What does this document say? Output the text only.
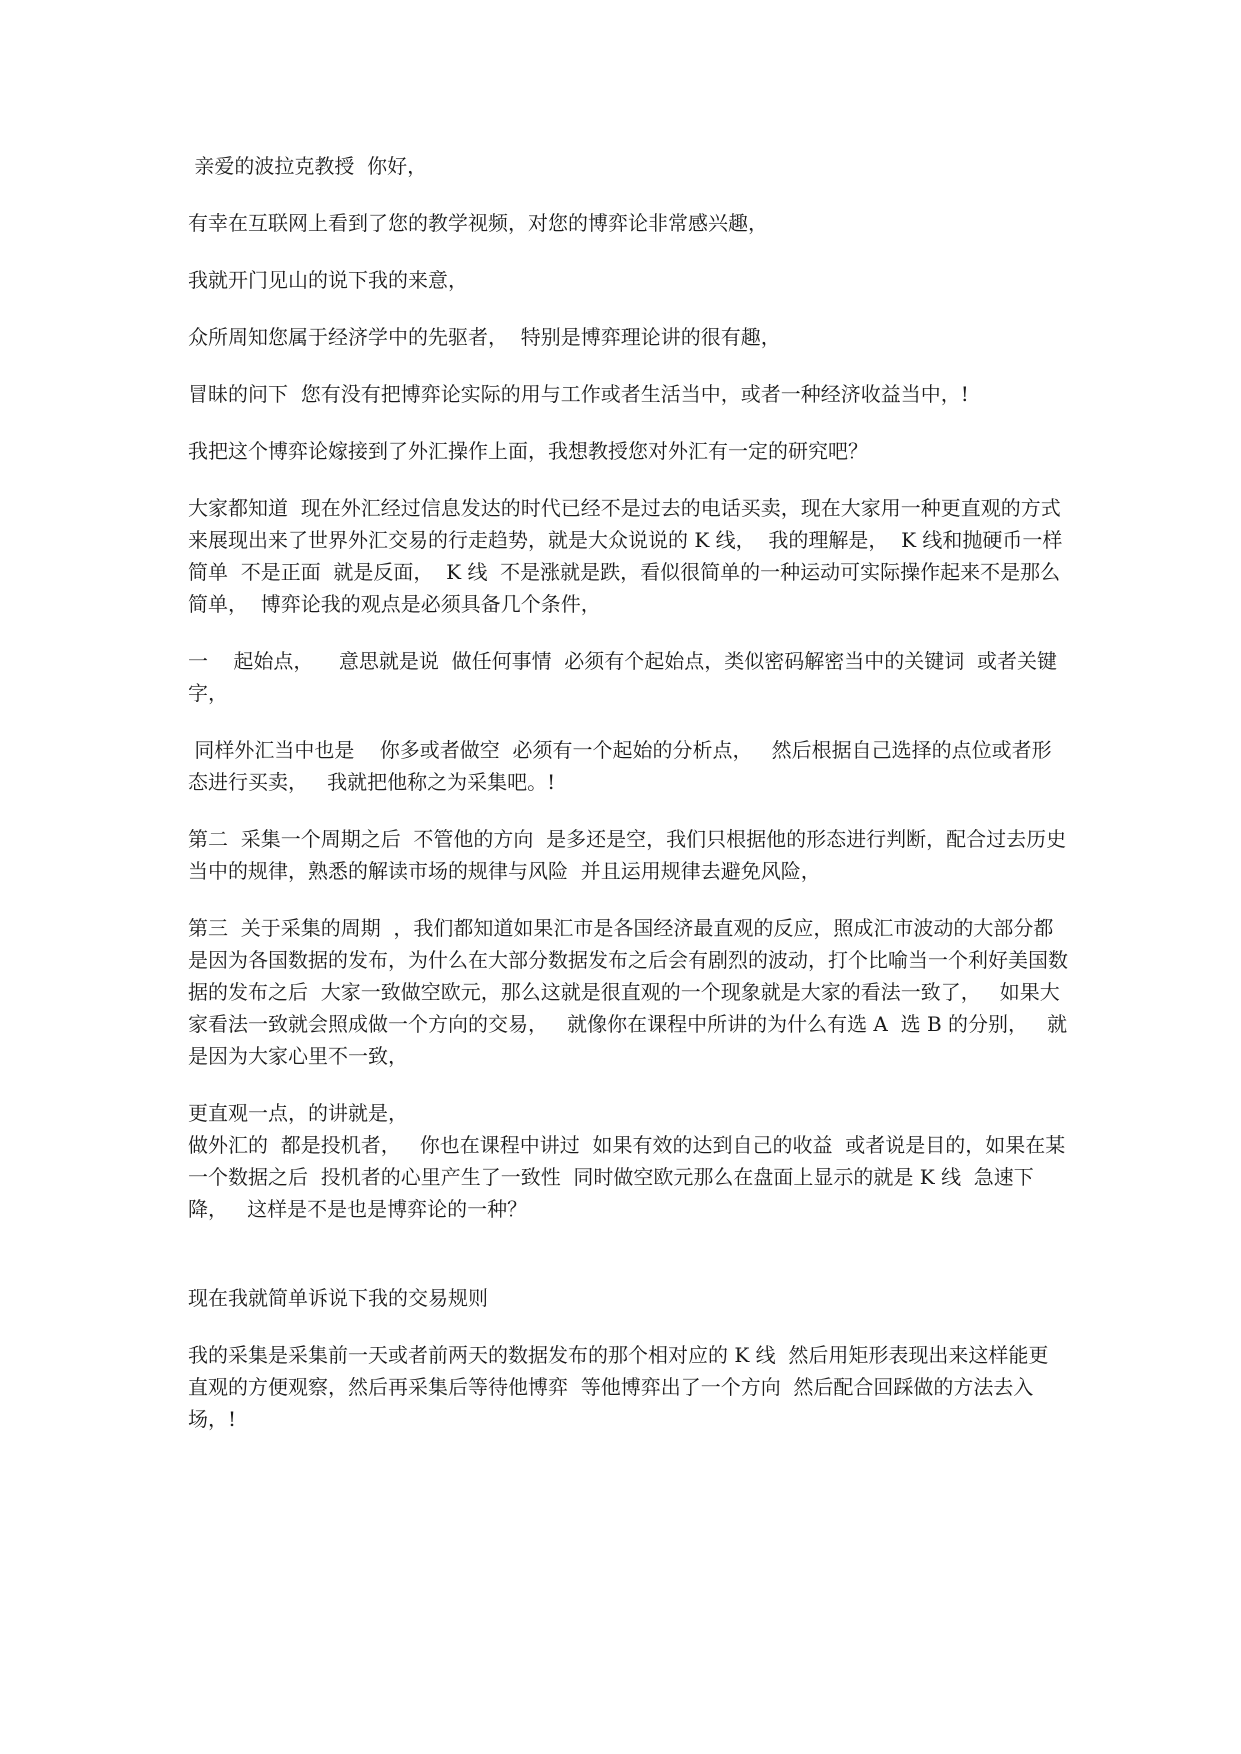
亲爱的波拉克教授  你好，

有幸在互联网上看到了您的教学视频，对您的博弈论非常感兴趣，

我就开门见山的说下我的来意，

众所周知您属于经济学中的先驱者，  特别是博弈理论讲的很有趣，

冒昧的问下  您有没有把博弈论实际的用与工作或者生活当中，或者一种经济收益当中，!

我把这个博弈论嫁接到了外汇操作上面，我想教授您对外汇有一定的研究吧？

大家都知道  现在外汇经过信息发达的时代已经不是过去的电话买卖，现在大家用一种更直观的方式来展现出来了世界外汇交易的行走趋势，就是大众说说的 K 线，  我的理解是，  K 线和抛硬币一样简单  不是正面  就是反面，  K 线  不是涨就是跌，看似很简单的一种运动可实际操作起来不是那么简单，  博弈论我的观点是必须具备几个条件，

一    起始点，    意思就是说  做任何事情  必须有个起始点，类似密码解密当中的关键词  或者关键字，

同样外汇当中也是    你多或者做空  必须有一个起始的分析点，   然后根据自己选择的点位或者形态进行买卖，   我就把他称之为采集吧。!

第二  采集一个周期之后  不管他的方向  是多还是空，我们只根据他的形态进行判断，配合过去历史当中的规律，熟悉的解读市场的规律与风险  并且运用规律去避免风险，

第三  关于采集的周期  ，我们都知道如果汇市是各国经济最直观的反应，照成汇市波动的大部分都是因为各国数据的发布，为什么在大部分数据发布之后会有剧烈的波动，打个比喻当一个利好美国数据的发布之后  大家一致做空欧元，那么这就是很直观的一个现象就是大家的看法一致了，   如果大家看法一致就会照成做一个方向的交易，   就像你在课程中所讲的为什么有选 A  选 B 的分别，   就是因为大家心里不一致，

更直观一点，的讲就是，

做外汇的  都是投机者，   你也在课程中讲过  如果有效的达到自己的收益  或者说是目的，如果在某一个数据之后  投机者的心里产生了一致性  同时做空欧元那么在盘面上显示的就是 K 线  急速下降，   这样是不是也是博弈论的一种？

现在我就简单诉说下我的交易规则

我的采集是采集前一天或者前两天的数据发布的那个相对应的 K 线  然后用矩形表现出来这样能更直观的方便观察，然后再采集后等待他博弈  等他博弈出了一个方向  然后配合回踩做的方法去入场，!
